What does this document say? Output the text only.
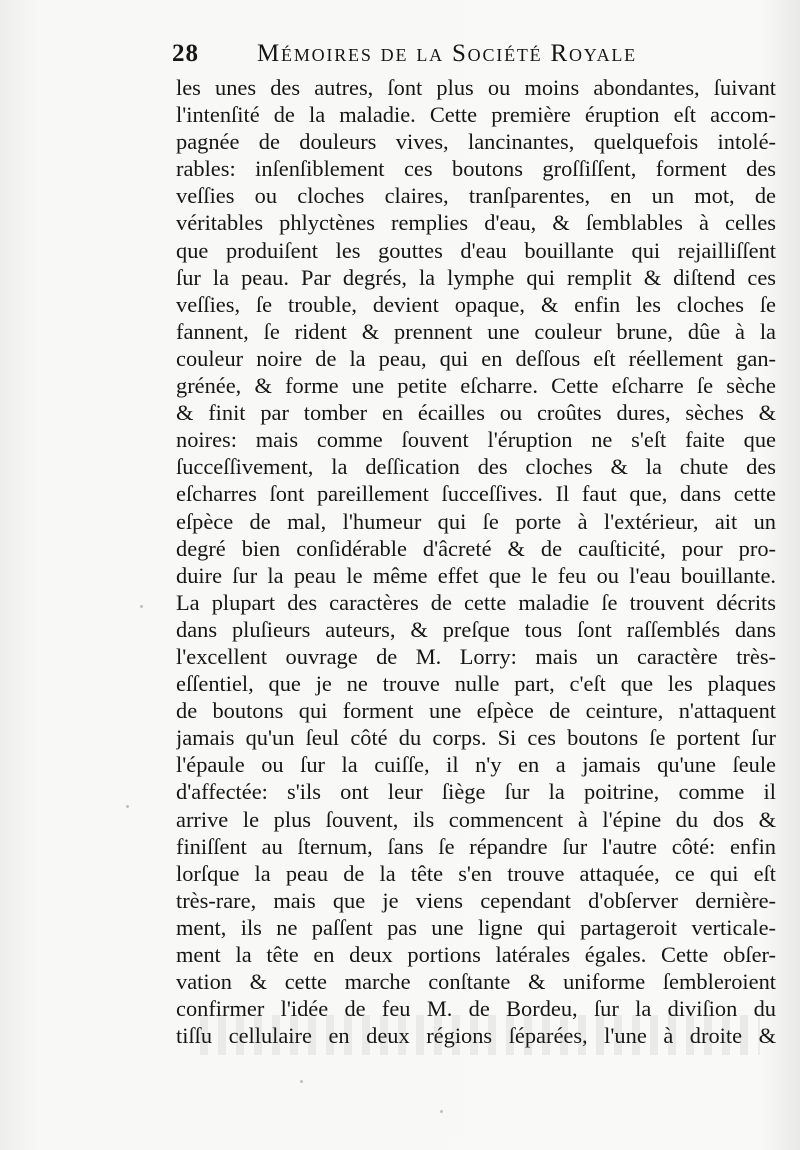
28 Mémoires de la Société Royale
les unes des autres, ſont plus ou moins abondantes, ſuivant
l'intenſité de la maladie. Cette première éruption eſt accom-
pagnée de douleurs vives, lancinantes, quelquefois intolé-
rables: inſenſiblement ces boutons groſſiſſent, forment des
veſſies ou cloches claires, tranſparentes, en un mot, de
véritables phlyctènes remplies d'eau, & ſemblables à celles
que produiſent les gouttes d'eau bouillante qui rejailliſſent
ſur la peau. Par degrés, la lymphe qui remplit & diſtend ces
veſſies, ſe trouble, devient opaque, & enfin les cloches ſe
fannent, ſe rident & prennent une couleur brune, dûe à la
couleur noire de la peau, qui en deſſous eſt réellement gan-
grénée, & forme une petite eſcharre. Cette eſcharre ſe sèche
& finit par tomber en écailles ou croûtes dures, sèches &
noires: mais comme ſouvent l'éruption ne s'eſt faite que
ſucceſſivement, la deſſication des cloches & la chute des
eſcharres ſont pareillement ſucceſſives. Il faut que, dans cette
eſpèce de mal, l'humeur qui ſe porte à l'extérieur, ait un
degré bien conſidérable d'âcreté & de cauſticité, pour pro-
duire ſur la peau le même effet que le feu ou l'eau bouillante.
La plupart des caractères de cette maladie ſe trouvent décrits
dans pluſieurs auteurs, & preſque tous ſont raſſemblés dans
l'excellent ouvrage de M. Lorry: mais un caractère très-
eſſentiel, que je ne trouve nulle part, c'eſt que les plaques
de boutons qui forment une eſpèce de ceinture, n'attaquent
jamais qu'un ſeul côté du corps. Si ces boutons ſe portent ſur
l'épaule ou ſur la cuiſſe, il n'y en a jamais qu'une ſeule
d'affectée: s'ils ont leur ſiège ſur la poitrine, comme il
arrive le plus ſouvent, ils commencent à l'épine du dos &
finiſſent au ſternum, ſans ſe répandre ſur l'autre côté: enfin
lorſque la peau de la tête s'en trouve attaquée, ce qui eſt
très-rare, mais que je viens cependant d'obſerver dernière-
ment, ils ne paſſent pas une ligne qui partageroit verticale-
ment la tête en deux portions latérales égales. Cette obſer-
vation & cette marche conſtante & uniforme ſembleroient
confirmer l'idée de feu M. de Bordeu, ſur la diviſion du
tiſſu cellulaire en deux régions ſéparées, l'une à droite &
